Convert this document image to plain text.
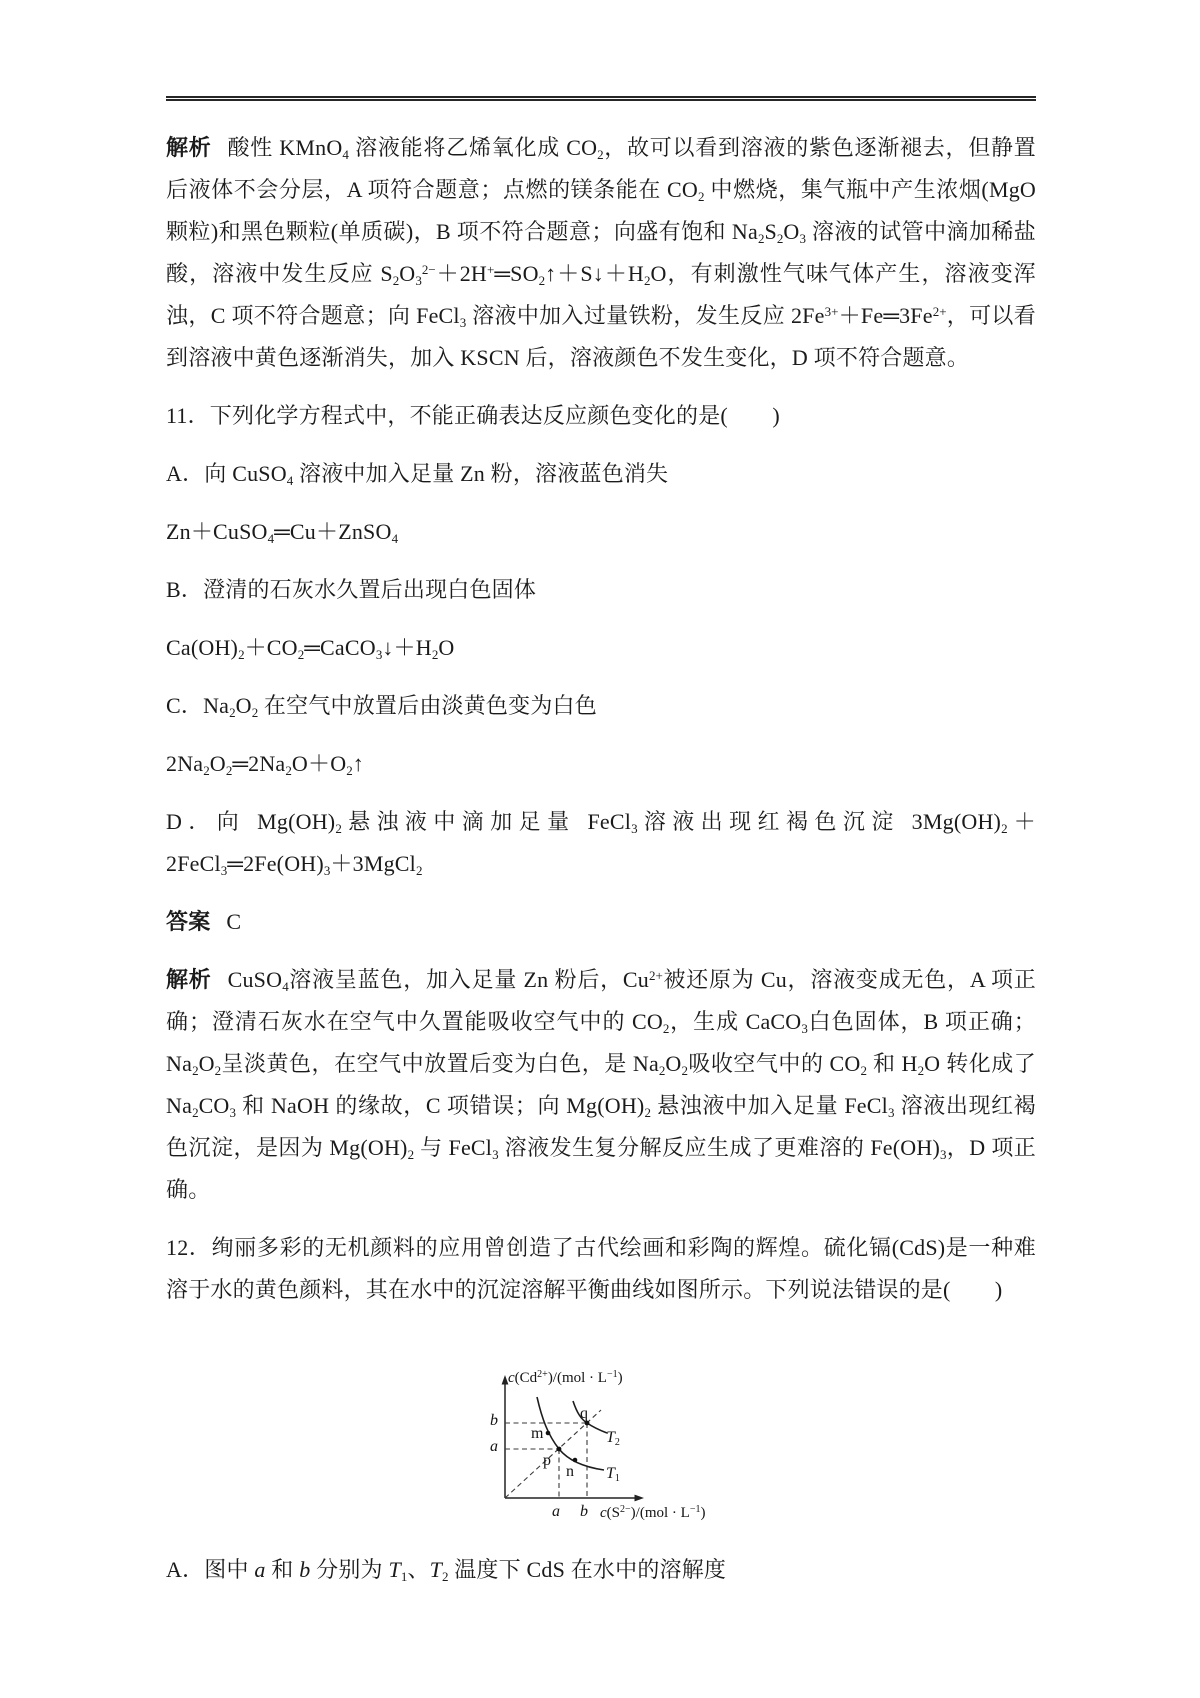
解析 酸性 KMnO$_4$ 溶液能将乙烯氧化成 $CO_2$，故可以看到溶液的紫色逐渐褪去，但静置后液体不会分层，A 项符合题意；点燃的镁条能在 $CO_2$ 中燃烧，集气瓶中产生浓烟(MgO 颗粒)和黑色颗粒(单质碳)，B 项不符合题意；向盛有饱和 $Na_2S_2O_3$ 溶液的试管中滴加稀盐酸，溶液中发生反应 $S_2O_3^{2-}+2H^+═SO_2↑+S↓+H_2O$，有刺激性气味气体产生，溶液变浑浊，C 项不符合题意；向 FeCl$_3$ 溶液中加入过量铁粉，发生反应 $2Fe^{3+}+Fe═3Fe^{2+}$，可以看到溶液中黄色逐渐消失，加入 KSCN 后，溶液颜色不发生变化，D 项不符合题意。

11．下列化学方程式中，不能正确表达反应颜色变化的是(　　)

A．向 CuSO$_4$ 溶液中加入足量 Zn 粉，溶液蓝色消失

Zn＋CuSO$_4$═Cu＋ZnSO$_4$

B．澄清的石灰水久置后出现白色固体

$Ca(OH)_2+CO_2═CaCO_3↓+H_2O$

C．$Na_2O_2$ 在空气中放置后由淡黄色变为白色

$2Na_2O_2═2Na_2O+O_2↑$

D．向 $Mg(OH)_2$悬浊液中滴加足量 FeCl$_3$溶液出现红褐色沉淀 $3Mg(OH)_2+2FeCl_3═2Fe(OH)_3+3MgCl_2$

答案 C

解析 CuSO$_4$溶液呈蓝色，加入足量 Zn 粉后，$Cu^{2+}$被还原为 Cu，溶液变成无色，A 项正确；澄清石灰水在空气中久置能吸收空气中的 $CO_2$，生成 CaCO$_3$白色固体，B 项正确；$Na_2O_2$呈淡黄色，在空气中放置后变为白色，是 $Na_2O_2$吸收空气中的 $CO_2$ 和 $H_2O$ 转化成了 $Na_2CO_3$ 和 NaOH 的缘故，C 项错误；向 $Mg(OH)_2$ 悬浊液中加入足量 FeCl$_3$ 溶液出现红褐色沉淀，是因为 $Mg(OH)_2$ 与 FeCl$_3$ 溶液发生复分解反应生成了更难溶的 $Fe(OH)_3$，D 项正确。

12．绚丽多彩的无机颜料的应用曾创造了古代绘画和彩陶的辉煌。硫化镉(CdS)是一种难溶于水的黄色颜料，其在水中的沉淀溶解平衡曲线如图所示。下列说法错误的是(　　)

$c(Cd^{2+})/(mol \cdot L^{-1})$
b
a
m
p
n
q
$T_2$
$T_1$
a b $c(S^{2-})/(mol \cdot L^{-1})$

A．图中 a 和 b 分别为 $T_1$、$T_2$ 温度下 CdS 在水中的溶解度
